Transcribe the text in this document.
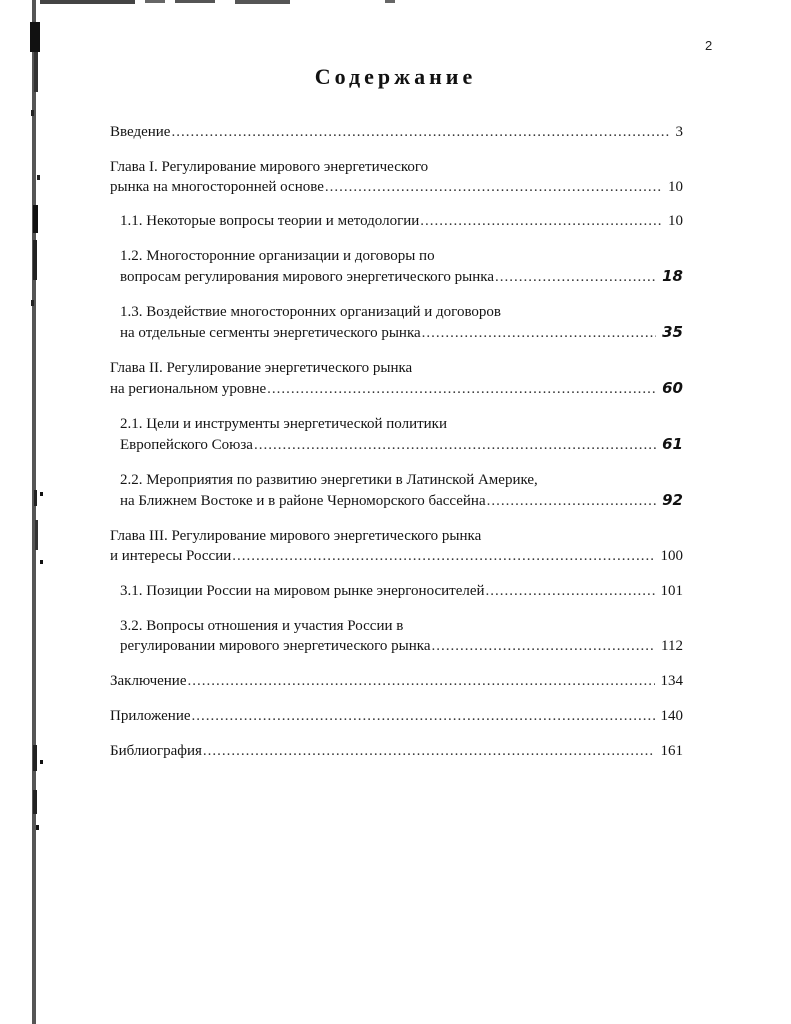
2
Содержание
Введение .....	3
Глава I. Регулирование мирового энергетического
рынка на многосторонней основе .....	10
1.1. Некоторые вопросы теории и методологии .....	10
1.2. Многосторонние организации и договоры по
вопросам регулирования мирового энергетического рынка .....	18
1.3. Воздействие многосторонних организаций и договоров
на отдельные сегменты энергетического рынка .....	35
Глава II. Регулирование энергетического рынка
на региональном уровне .....	60
2.1. Цели и инструменты энергетической политики
Европейского Союза .....	61
2.2. Мероприятия по развитию энергетики в Латинской Америке,
на Ближнем Востоке и в районе Черноморского бассейна .....	92
Глава III. Регулирование мирового энергетического рынка
и интересы России .....	100
3.1. Позиции России на мировом рынке энергоносителей .....	101
3.2. Вопросы отношения и участия России в
регулировании мирового энергетического рынка .....	112
Заключение .....	134
Приложение .....	140
Библиография .....	161
